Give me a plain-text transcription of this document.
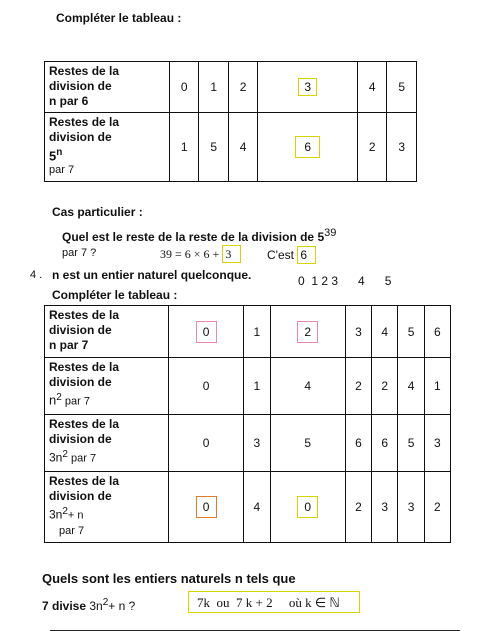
Compléter le tableau :
Restes de la
division de
n par 6	0	1	2	3	4	5

Restes de la
division de
5$^n$
par 7	1	5	4	6	2	3
Cas particulier :
Quel est le reste de la reste de la division de $5^{39}$
par 7 ?	39 = 6 × 6 + 3	C'est 6
4 . n est un entier naturel quelconque.	0  1 2 3      4      5
Compléter le tableau :
Restes de la
division de
n par 7	0	1	2	3	4	5	6

Restes de la
division de
$n^2$ par 7	0	1	4	2	2	4	1

Restes de la
division de
$3n^2$ par 7	0	3	5	6	6	5	3

Restes de la
division de
$3n^2+ n$
par 7	0	4	0	2	3	3	2
Quels sont les entiers naturels n tels que
7 divise $3n^2+ n$ ?	7k  ou  7 k + 2     où k ∈ ℕ
